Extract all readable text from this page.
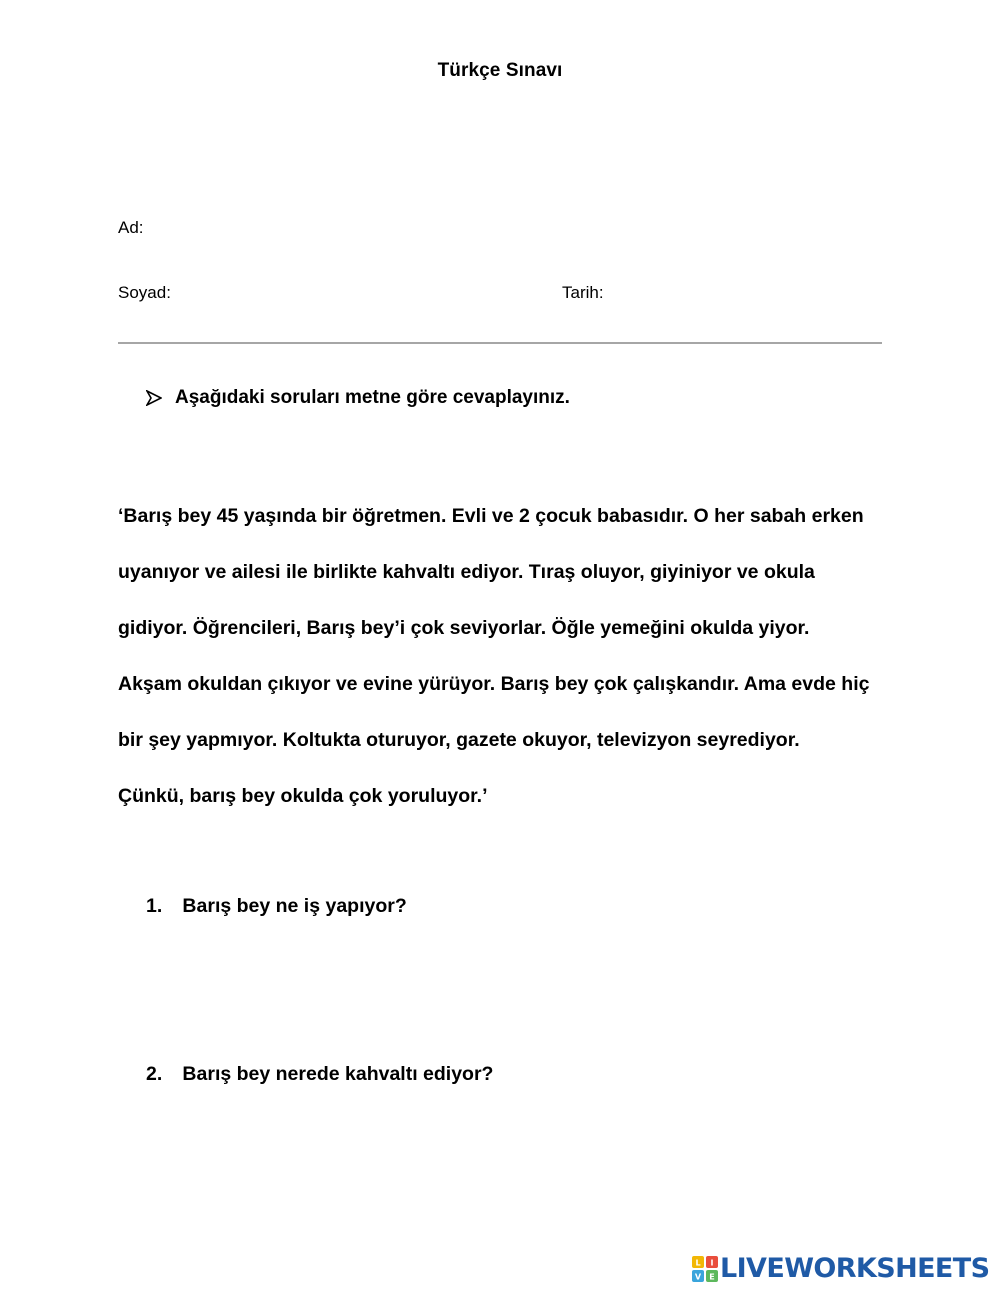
Türkçe Sınavı
Ad:
Soyad:	Tarih:
Aşağıdaki soruları metne göre cevaplayınız.
‘Barış bey 45 yaşında bir öğretmen. Evli ve 2 çocuk babasıdır. O her sabah erken
uyanıyor ve ailesi ile birlikte kahvaltı ediyor. Tıraş oluyor, giyiniyor ve okula
gidiyor. Öğrencileri, Barış bey’i çok seviyorlar. Öğle yemeğini okulda yiyor.
Akşam okuldan çıkıyor ve evine yürüyor. Barış bey çok çalışkandır. Ama evde hiç
bir şey yapmıyor. Koltukta oturuyor, gazete okuyor, televizyon seyrediyor.
Çünkü, barış bey okulda çok yoruluyor.’
1. Barış bey ne iş yapıyor?
2. Barış bey nerede kahvaltı ediyor?
L I
V E LIVEWORKSHEETS
